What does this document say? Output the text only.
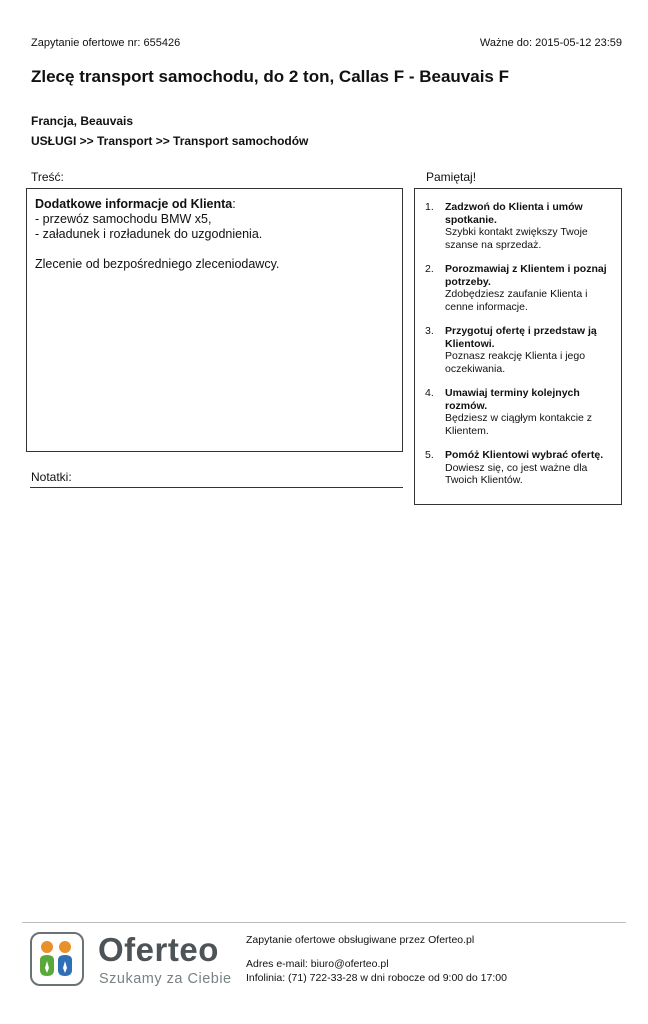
Zapytanie ofertowe nr: 655426	Ważne do: 2015-05-12 23:59
Zlecę transport samochodu, do 2 ton, Callas F - Beauvais F
Francja, Beauvais
USŁUGI >> Transport >> Transport samochodów
Treść:
Dodatkowe informacje od Klienta:
- przewóz samochodu BMW x5,
- załadunek i rozładunek do uzgodnienia.
Zlecenie od bezpośredniego zleceniodawcy.
Notatki:
Pamiętaj!
1.	Zadzwoń do Klienta i umów spotkanie.
Szybki kontakt zwiększy Twoje szanse na sprzedaż.
2.	Porozmawiaj z Klientem i poznaj potrzeby.
Zdobędziesz zaufanie Klienta i cenne informacje.
3.	Przygotuj ofertę i przedstaw ją Klientowi.
Poznasz reakcję Klienta i jego oczekiwania.
4.	Umawiaj terminy kolejnych rozmów.
Będziesz w ciągłym kontakcie z Klientem.
5.	Pomóż Klientowi wybrać ofertę.
Dowiesz się, co jest ważne dla Twoich Klientów.
Oferteo
Szukamy za Ciebie
Zapytanie ofertowe obsługiwane przez Oferteo.pl
Adres e-mail: biuro@oferteo.pl
Infolinia: (71) 722-33-28 w dni robocze od 9:00 do 17:00
